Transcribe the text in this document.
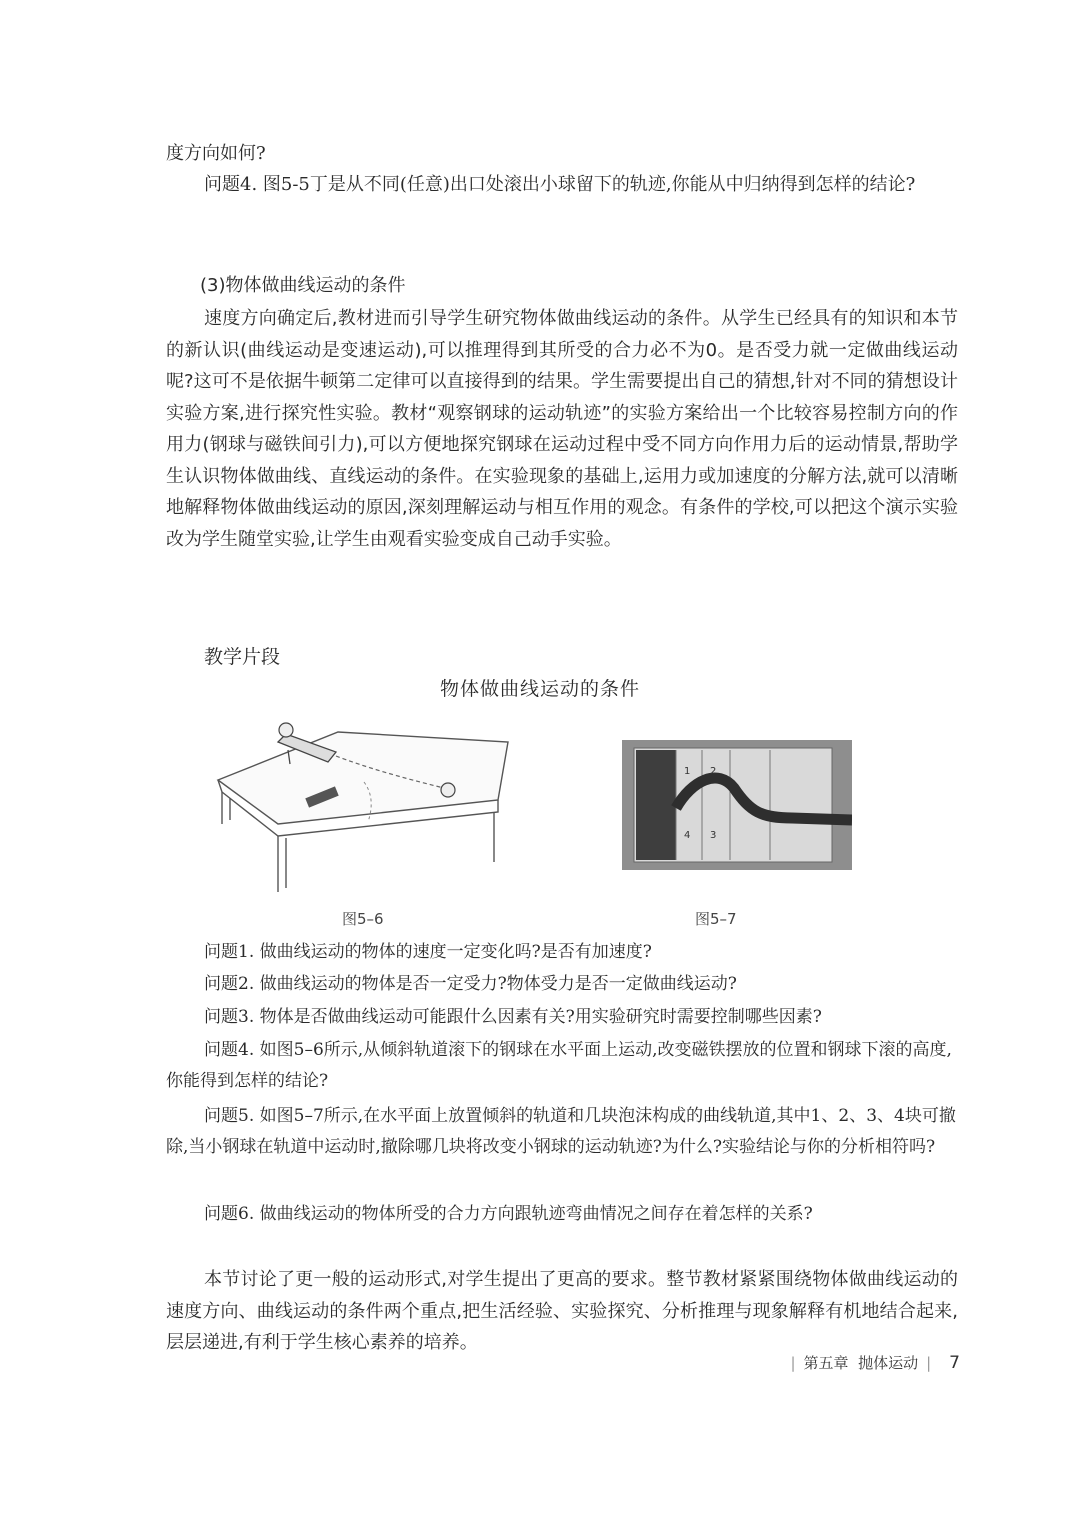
度方向如何?

问题4. 图5-5丁是从不同(任意)出口处滚出小球留下的轨迹,你能从中归纳得到怎样的结论?

(3)物体做曲线运动的条件

速度方向确定后,教材进而引导学生研究物体做曲线运动的条件。从学生已经具有的知识和本节的新认识(曲线运动是变速运动),可以推理得到其所受的合力必不为0。是否受力就一定做曲线运动呢?这可不是依据牛顿第二定律可以直接得到的结果。学生需要提出自己的猜想,针对不同的猜想设计实验方案,进行探究性实验。教材“观察钢球的运动轨迹”的实验方案给出一个比较容易控制方向的作用力(钢球与磁铁间引力),可以方便地探究钢球在运动过程中受不同方向作用力后的运动情景,帮助学生认识物体做曲线、直线运动的条件。在实验现象的基础上,运用力或加速度的分解方法,就可以清晰地解释物体做曲线运动的原因,深刻理解运动与相互作用的观念。有条件的学校,可以把这个演示实验改为学生随堂实验,让学生由观看实验变成自己动手实验。

教学片段

物体做曲线运动的条件

图5–6
1 2
4 3
图5–7

问题1. 做曲线运动的物体的速度一定变化吗?是否有加速度?

问题2. 做曲线运动的物体是否一定受力?物体受力是否一定做曲线运动?

问题3. 物体是否做曲线运动可能跟什么因素有关?用实验研究时需要控制哪些因素?

问题4. 如图5–6所示,从倾斜轨道滚下的钢球在水平面上运动,改变磁铁摆放的位置和钢球下滚的高度,你能得到怎样的结论?

问题5. 如图5–7所示,在水平面上放置倾斜的轨道和几块泡沫构成的曲线轨道,其中1、2、3、4块可撤除,当小钢球在轨道中运动时,撤除哪几块将改变小钢球的运动轨迹?为什么?实验结论与你的分析相符吗?

问题6. 做曲线运动的物体所受的合力方向跟轨迹弯曲情况之间存在着怎样的关系?

本节讨论了更一般的运动形式,对学生提出了更高的要求。整节教材紧紧围绕物体做曲线运动的速度方向、曲线运动的条件两个重点,把生活经验、实验探究、分析推理与现象解释有机地结合起来,层层递进,有利于学生核心素养的培养。

| 第五章 抛体运动 | 7
